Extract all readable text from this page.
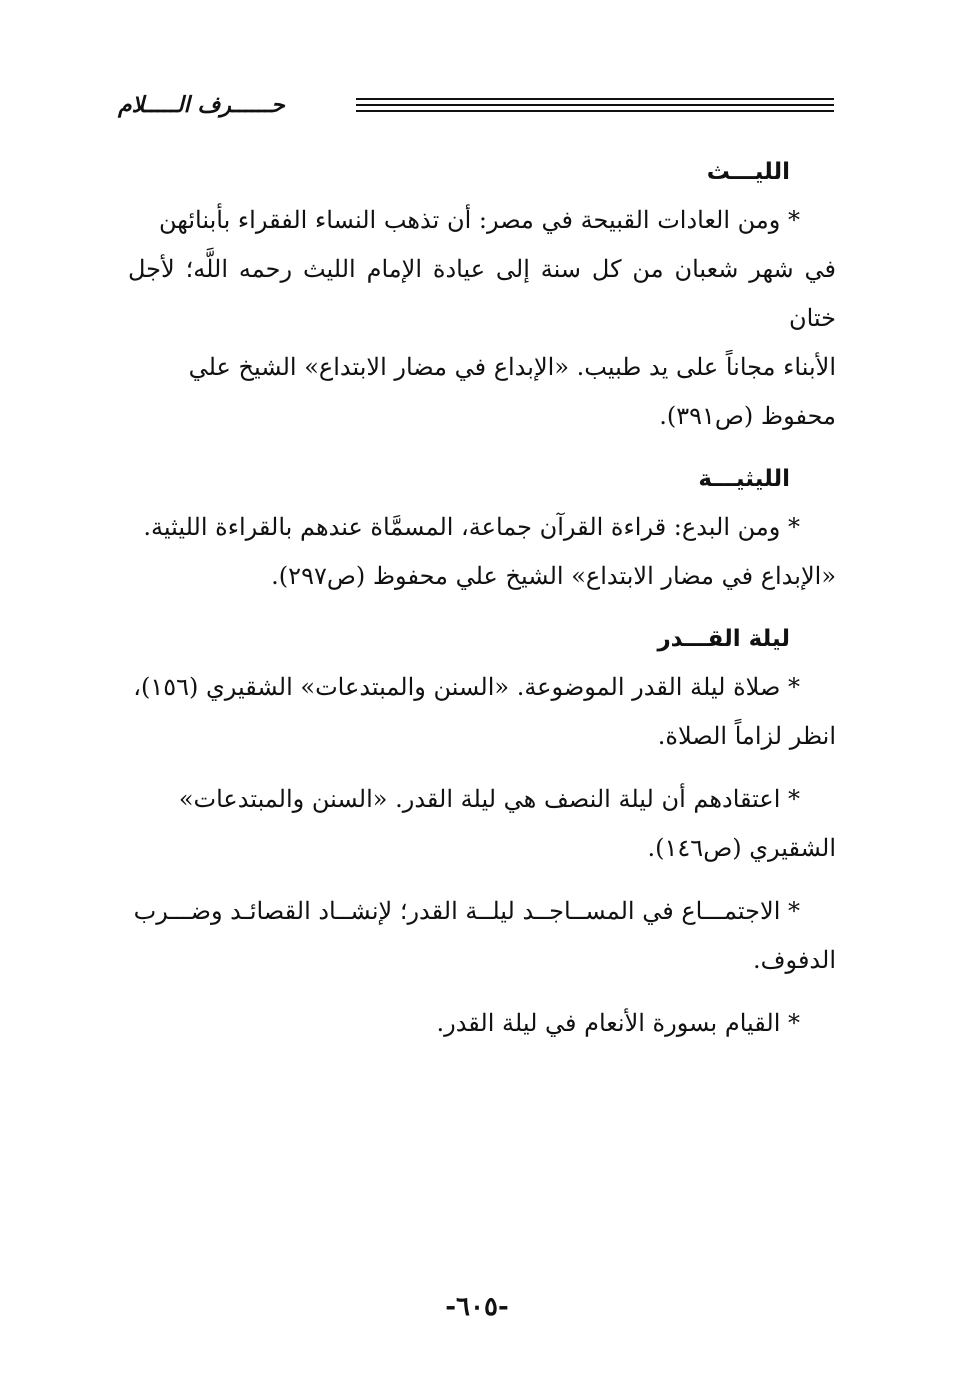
حــــــرف الـــــلام
الليـــث
* ومن العادات القبيحة في مصر: أن تذهب النساء الفقراء بأبنائهن
في شهر شعبان من كل سنة إلى عيادة الإمام الليث رحمه اللَّه؛ لأجل ختان
الأبناء مجاناً على يد طبيب. «الإبداع في مضار الابتداع» الشيخ علي
محفوظ (ص٣٩١).
الليثيـــة
* ومن البدع: قراءة القرآن جماعة، المسمَّاة عندهم بالقراءة الليثية.
«الإبداع في مضار الابتداع» الشيخ علي محفوظ (ص٢٩٧).
ليلة القـــدر
* صلاة ليلة القدر الموضوعة. «السنن والمبتدعات» الشقيري (١٥٦)،
انظر لزاماً الصلاة.
* اعتقادهم أن ليلة النصف هي ليلة القدر. «السنن والمبتدعات»
الشقيري (ص١٤٦).
* الاجتمـــاع في المســاجــد ليلــة القدر؛ لإنشــاد القصائـد وضـــرب
الدفوف.
* القيام بسورة الأنعام في ليلة القدر.
-٦٠٥-
